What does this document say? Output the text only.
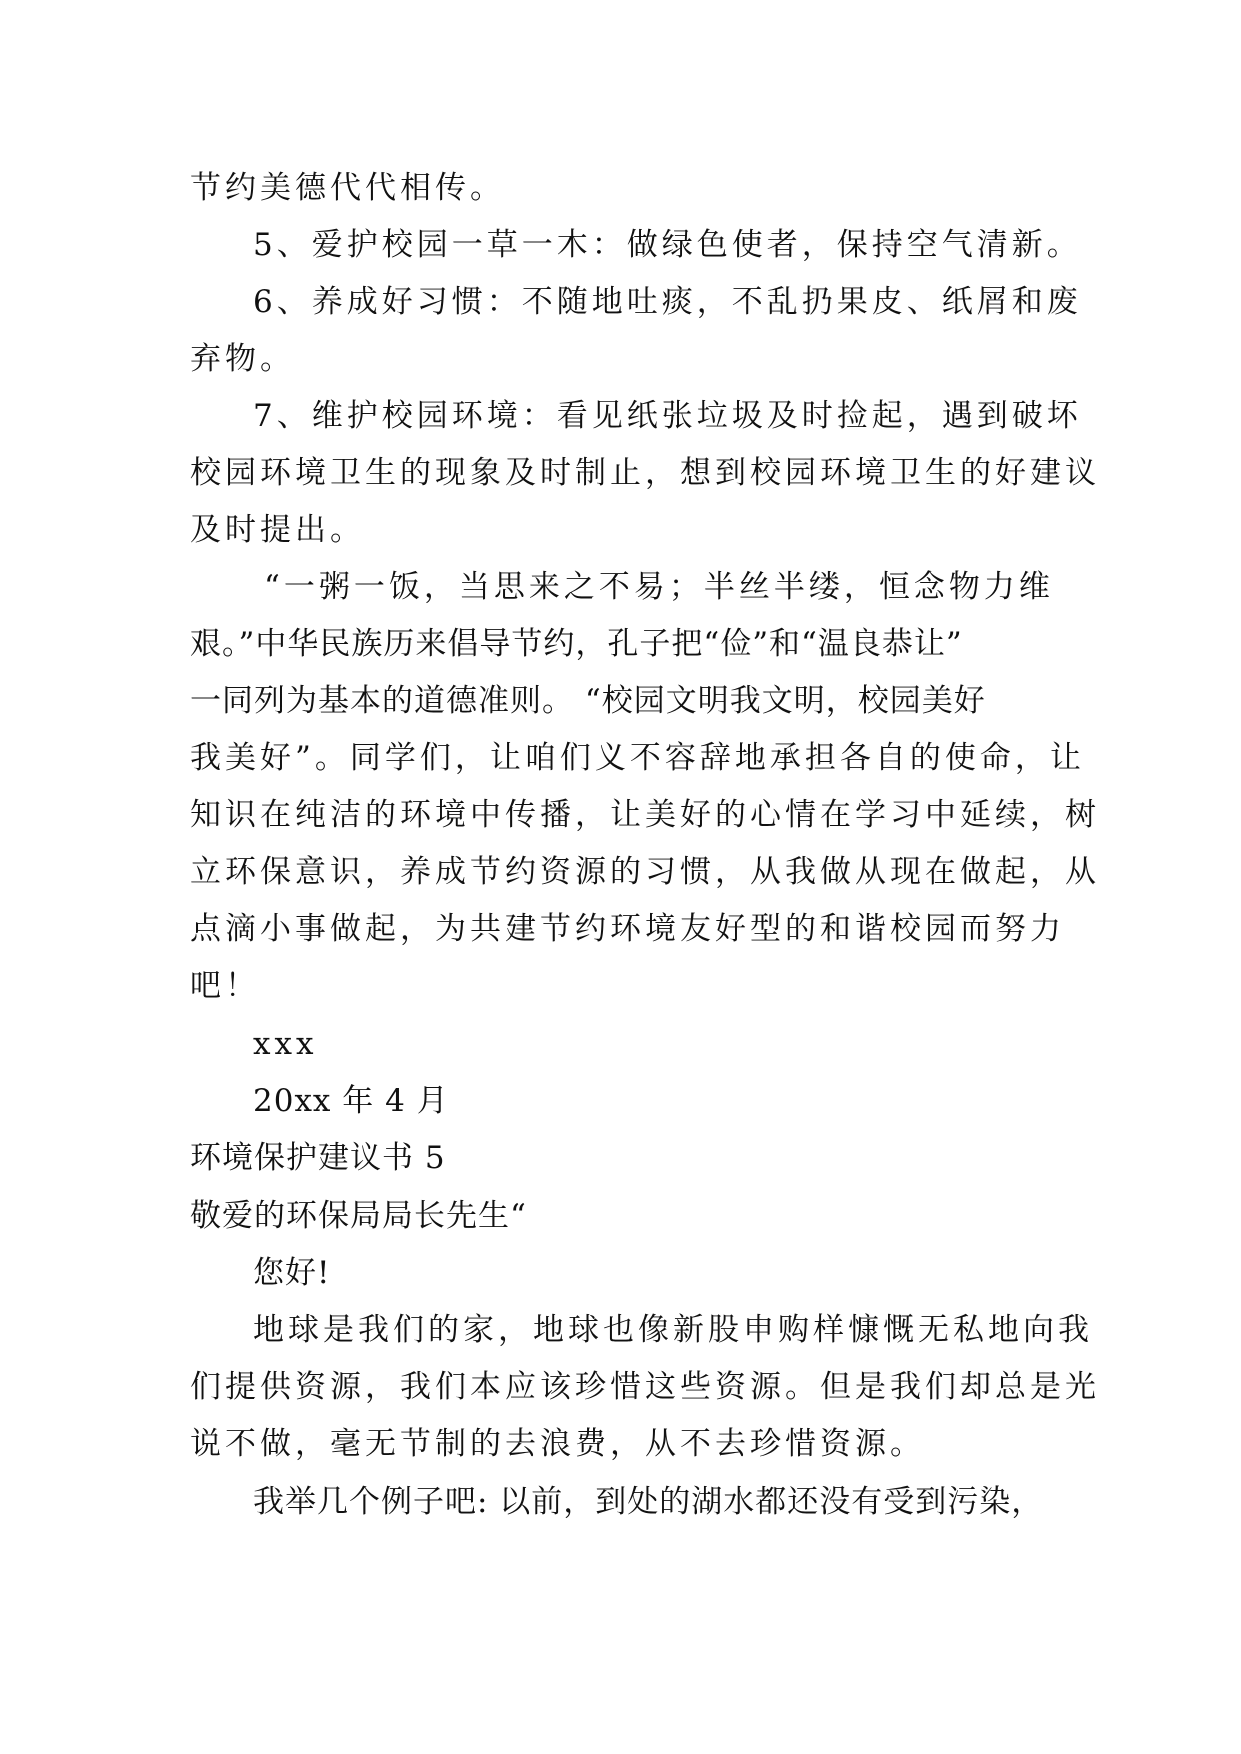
节约美德代代相传。
5、爱护校园一草一木：做绿色使者，保持空气清新。
6、养成好习惯：不随地吐痰，不乱扔果皮、纸屑和废
弃物。
7、维护校园环境：看见纸张垃圾及时捡起，遇到破坏
校园环境卫生的现象及时制止，想到校园环境卫生的好建议
及时提出。
“一粥一饭，当思来之不易；半丝半缕，恒念物力维
艰。”中华民族历来倡导节约，孔子把“俭”和“温良恭让”
一同列为基本的道德准则。 “校园文明我文明，校园美好
我美好”。同学们，让咱们义不容辞地承担各自的使命，让
知识在纯洁的环境中传播，让美好的心情在学习中延续，树
立环保意识，养成节约资源的习惯，从我做从现在做起，从
点滴小事做起，为共建节约环境友好型的和谐校园而努力
吧！
xxx
20xx 年 4 月
环境保护建议书 5
敬爱的环保局局长先生“
您好!
地球是我们的家，地球也像新股申购样慷慨无私地向我
们提供资源，我们本应该珍惜这些资源。但是我们却总是光
说不做，毫无节制的去浪费，从不去珍惜资源。
我举几个例子吧: 以前，到处的湖水都还没有受到污染，
